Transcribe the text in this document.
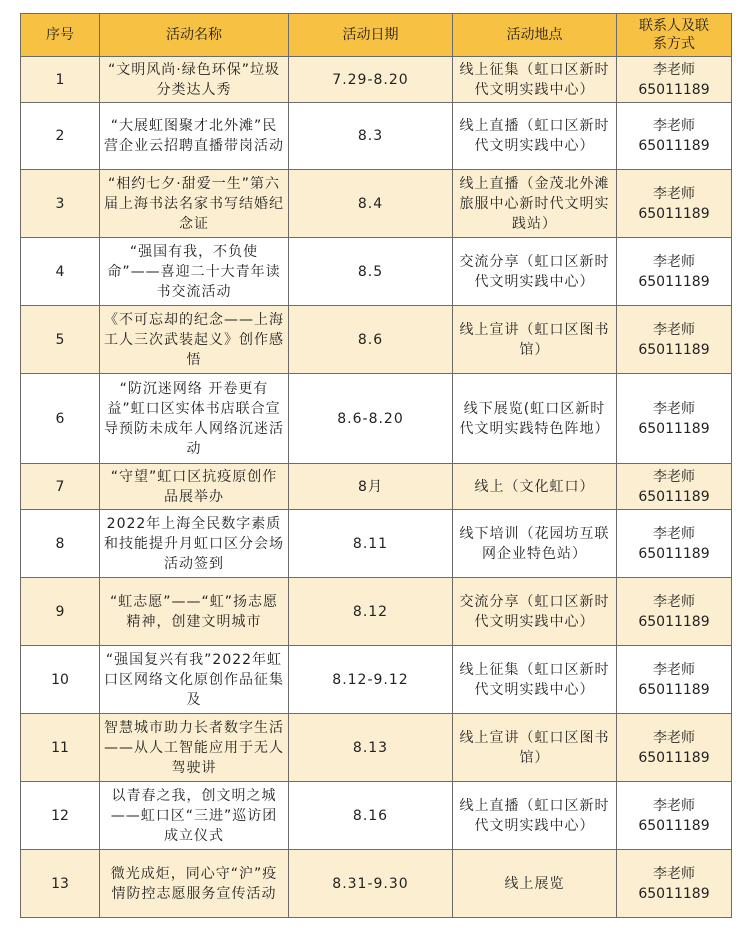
序号	活动名称	活动日期	活动地点	联系人及联
系方式

1	“文明风尚·绿色环保”垃圾分类达人秀	7.29-8.20	线上征集（虹口区新时代文明实践中心）	李老师
65011189

2	“大展虹图聚才北外滩”民营企业云招聘直播带岗活动	8.3	线上直播（虹口区新时代文明实践中心）	李老师
65011189

3	“相约七夕·甜爱一生”第六届上海书法名家书写结婚纪念证	8.4	线上直播（金茂北外滩旅服中心新时代文明实践站）	李老师
65011189

4	“强国有我，不负使命”——喜迎二十大青年读书交流活动	8.5	交流分享（虹口区新时代文明实践中心）	李老师
65011189

5	《不可忘却的纪念——上海工人三次武装起义》创作感悟	8.6	线上宣讲（虹口区图书馆）	李老师
65011189

6	“防沉迷网络 开卷更有益”虹口区实体书店联合宣导预防未成年人网络沉迷活动	8.6-8.20	线下展览(虹口区新时代文明实践特色阵地）	李老师
65011189

7	“守望”虹口区抗疫原创作品展举办	8月	线上（文化虹口）	李老师
65011189

8	2022年上海全民数字素质和技能提升月虹口区分会场活动签到	8.11	线下培训（花园坊互联网企业特色站）	李老师
65011189

9	“虹志愿”——“虹”扬志愿精神，创建文明城市	8.12	交流分享（虹口区新时代文明实践中心）	李老师
65011189

10	“强国复兴有我”2022年虹口区网络文化原创作品征集及	8.12-9.12	线上征集（虹口区新时代文明实践中心）	李老师
65011189

11	智慧城市助力长者数字生活——从人工智能应用于无人驾驶讲	8.13	线上宣讲（虹口区图书馆）	李老师
65011189

12	以青春之我，创文明之城——虹口区“三进”巡访团成立仪式	8.16	线上直播（虹口区新时代文明实践中心）	李老师
65011189

13	微光成炬，同心守“沪”疫情防控志愿服务宣传活动	8.31-9.30	线上展览	李老师
65011189
